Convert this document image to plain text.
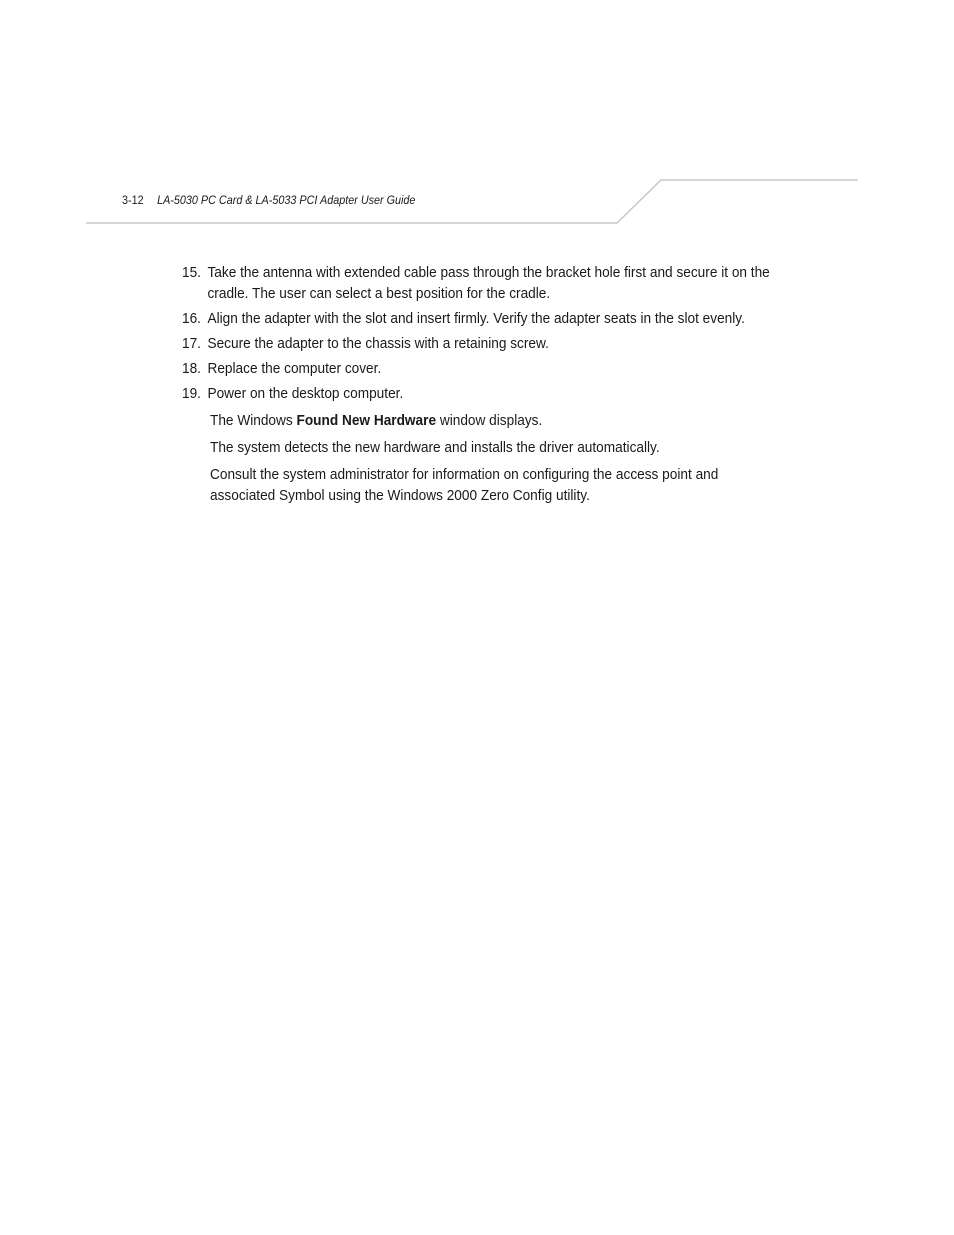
3-12 LA-5030 PC Card & LA-5033 PCI Adapter User Guide
15. Take the antenna with extended cable pass through the bracket hole first and secure it on the cradle. The user can select a best position for the cradle.
16. Align the adapter with the slot and insert firmly. Verify the adapter seats in the slot evenly.
17. Secure the adapter to the chassis with a retaining screw.
18. Replace the computer cover.
19. Power on the desktop computer.

The Windows Found New Hardware window displays.

The system detects the new hardware and installs the driver automatically.

Consult the system administrator for information on configuring the access point and associated Symbol using the Windows 2000 Zero Config utility.
